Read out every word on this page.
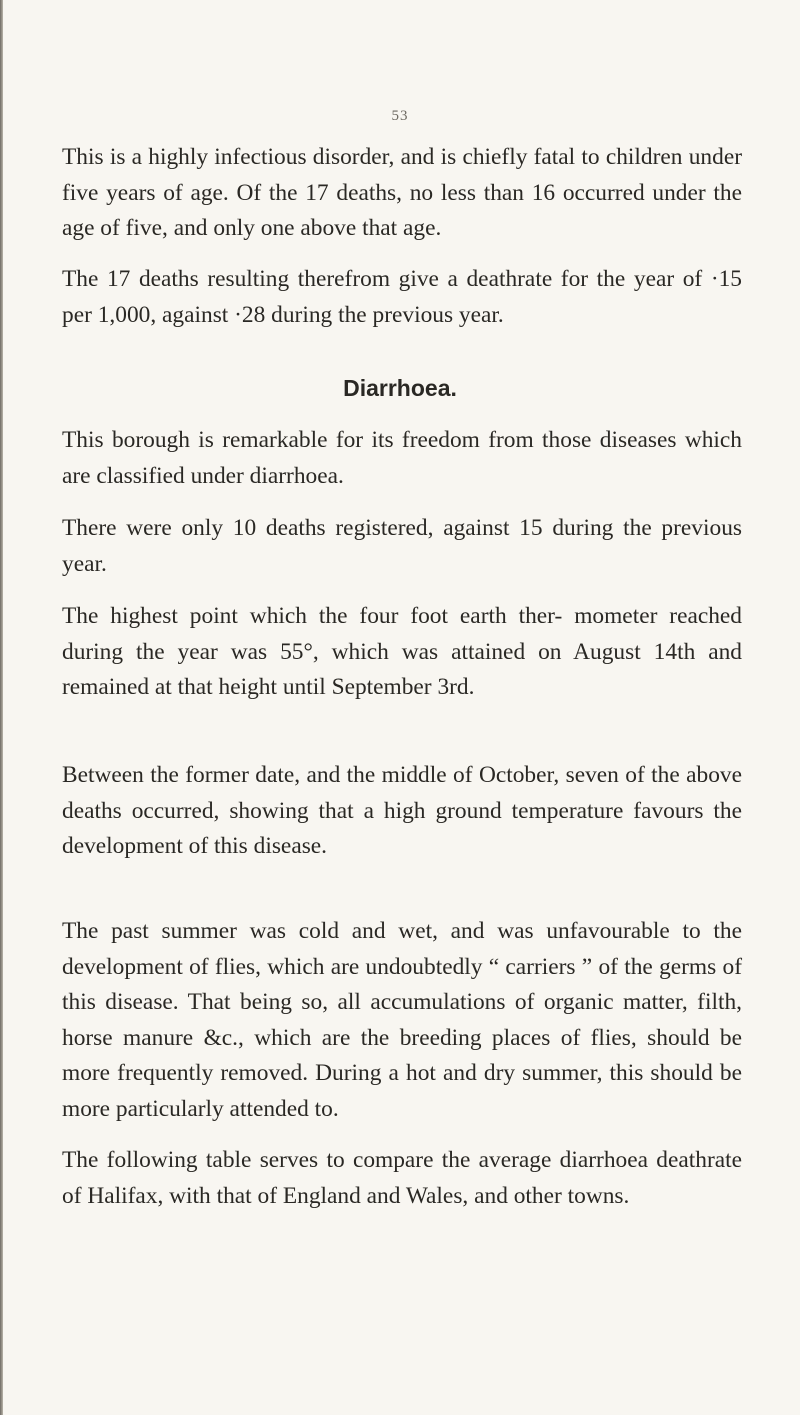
53

This is a highly infectious disorder, and is chiefly fatal to children under five years of age. Of the 17 deaths, no less than 16 occurred under the age of five, and only one above that age.

The 17 deaths resulting therefrom give a deathrate for the year of ·15 per 1,000, against ·28 during the previous year.

Diarrhoea.

This borough is remarkable for its freedom from those diseases which are classified under diarrhoea.

There were only 10 deaths registered, against 15 during the previous year.

The highest point which the four foot earth ther- mometer reached during the year was 55°, which was attained on August 14th and remained at that height until September 3rd.

Between the former date, and the middle of October, seven of the above deaths occurred, showing that a high ground temperature favours the development of this disease.

The past summer was cold and wet, and was unfavourable to the development of flies, which are undoubtedly “ carriers ” of the germs of this disease. That being so, all accumulations of organic matter, filth, horse manure &c., which are the breeding places of flies, should be more frequently removed. During a hot and dry summer, this should be more particularly attended to.

The following table serves to compare the average diarrhoea deathrate of Halifax, with that of England and Wales, and other towns.
